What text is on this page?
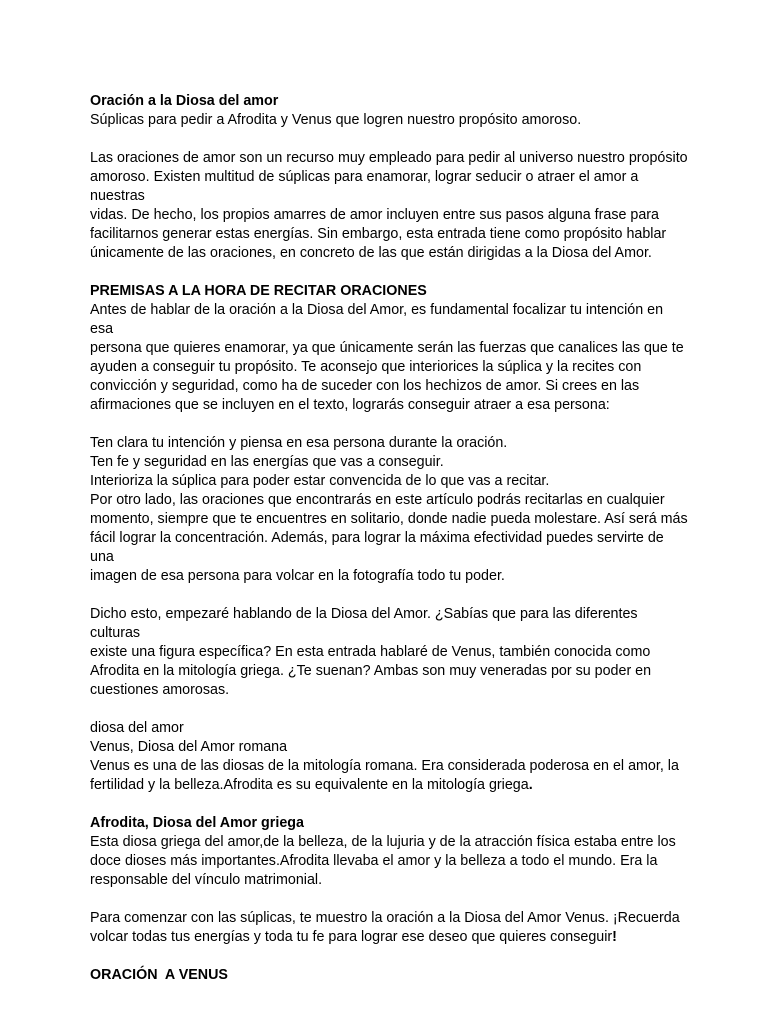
Oración a la Diosa del amor

Súplicas para pedir a Afrodita y Venus que logren nuestro propósito amoroso.

Las oraciones de amor son un recurso muy empleado para pedir al universo nuestro propósito

amoroso. Existen multitud de súplicas para enamorar, lograr seducir o atraer el amor a nuestras

vidas. De hecho, los propios amarres de amor incluyen entre sus pasos alguna frase para

facilitarnos generar estas energías. Sin embargo, esta entrada tiene como propósito hablar

únicamente de las oraciones, en concreto de las que están dirigidas a la Diosa del Amor.

PREMISAS A LA HORA DE RECITAR ORACIONES

Antes de hablar de la oración a la Diosa del Amor, es fundamental focalizar tu intención en esa

persona que quieres enamorar, ya que únicamente serán las fuerzas que canalices las que te

ayuden a conseguir tu propósito. Te aconsejo que interiorices la súplica y la recites con

convicción y seguridad, como ha de suceder con los hechizos de amor. Si crees en las

afirmaciones que se incluyen en el texto, lograrás conseguir atraer a esa persona:

Ten clara tu intención y piensa en esa persona durante la oración.

Ten fe y seguridad en las energías que vas a conseguir.

Interioriza la súplica para poder estar convencida de lo que vas a recitar.

Por otro lado, las oraciones que encontrarás en este artículo podrás recitarlas en cualquier

momento, siempre que te encuentres en solitario, donde nadie pueda molestare. Así será más

fácil lograr la concentración. Además, para lograr la máxima efectividad puedes servirte de una

imagen de esa persona para volcar en la fotografía todo tu poder.

Dicho esto, empezaré hablando de la Diosa del Amor. ¿Sabías que para las diferentes culturas

existe una figura específica? En esta entrada hablaré de Venus, también conocida como

Afrodita en la mitología griega. ¿Te suenan? Ambas son muy veneradas por su poder en

cuestiones amorosas.

diosa del amor

Venus, Diosa del Amor romana

Venus es una de las diosas de la mitología romana. Era considerada poderosa en el amor, la

fertilidad y la belleza.Afrodita es su equivalente en la mitología griega.

Afrodita, Diosa del Amor griega

Esta diosa griega del amor,de la belleza, de la lujuria y de la atracción física estaba entre los

doce dioses más importantes.Afrodita llevaba el amor y la belleza a todo el mundo. Era la

responsable del vínculo matrimonial.

Para comenzar con las súplicas, te muestro la oración a la Diosa del Amor Venus. ¡Recuerda

volcar todas tus energías y toda tu fe para lograr ese deseo que quieres conseguir!

ORACIÓN  A VENUS
